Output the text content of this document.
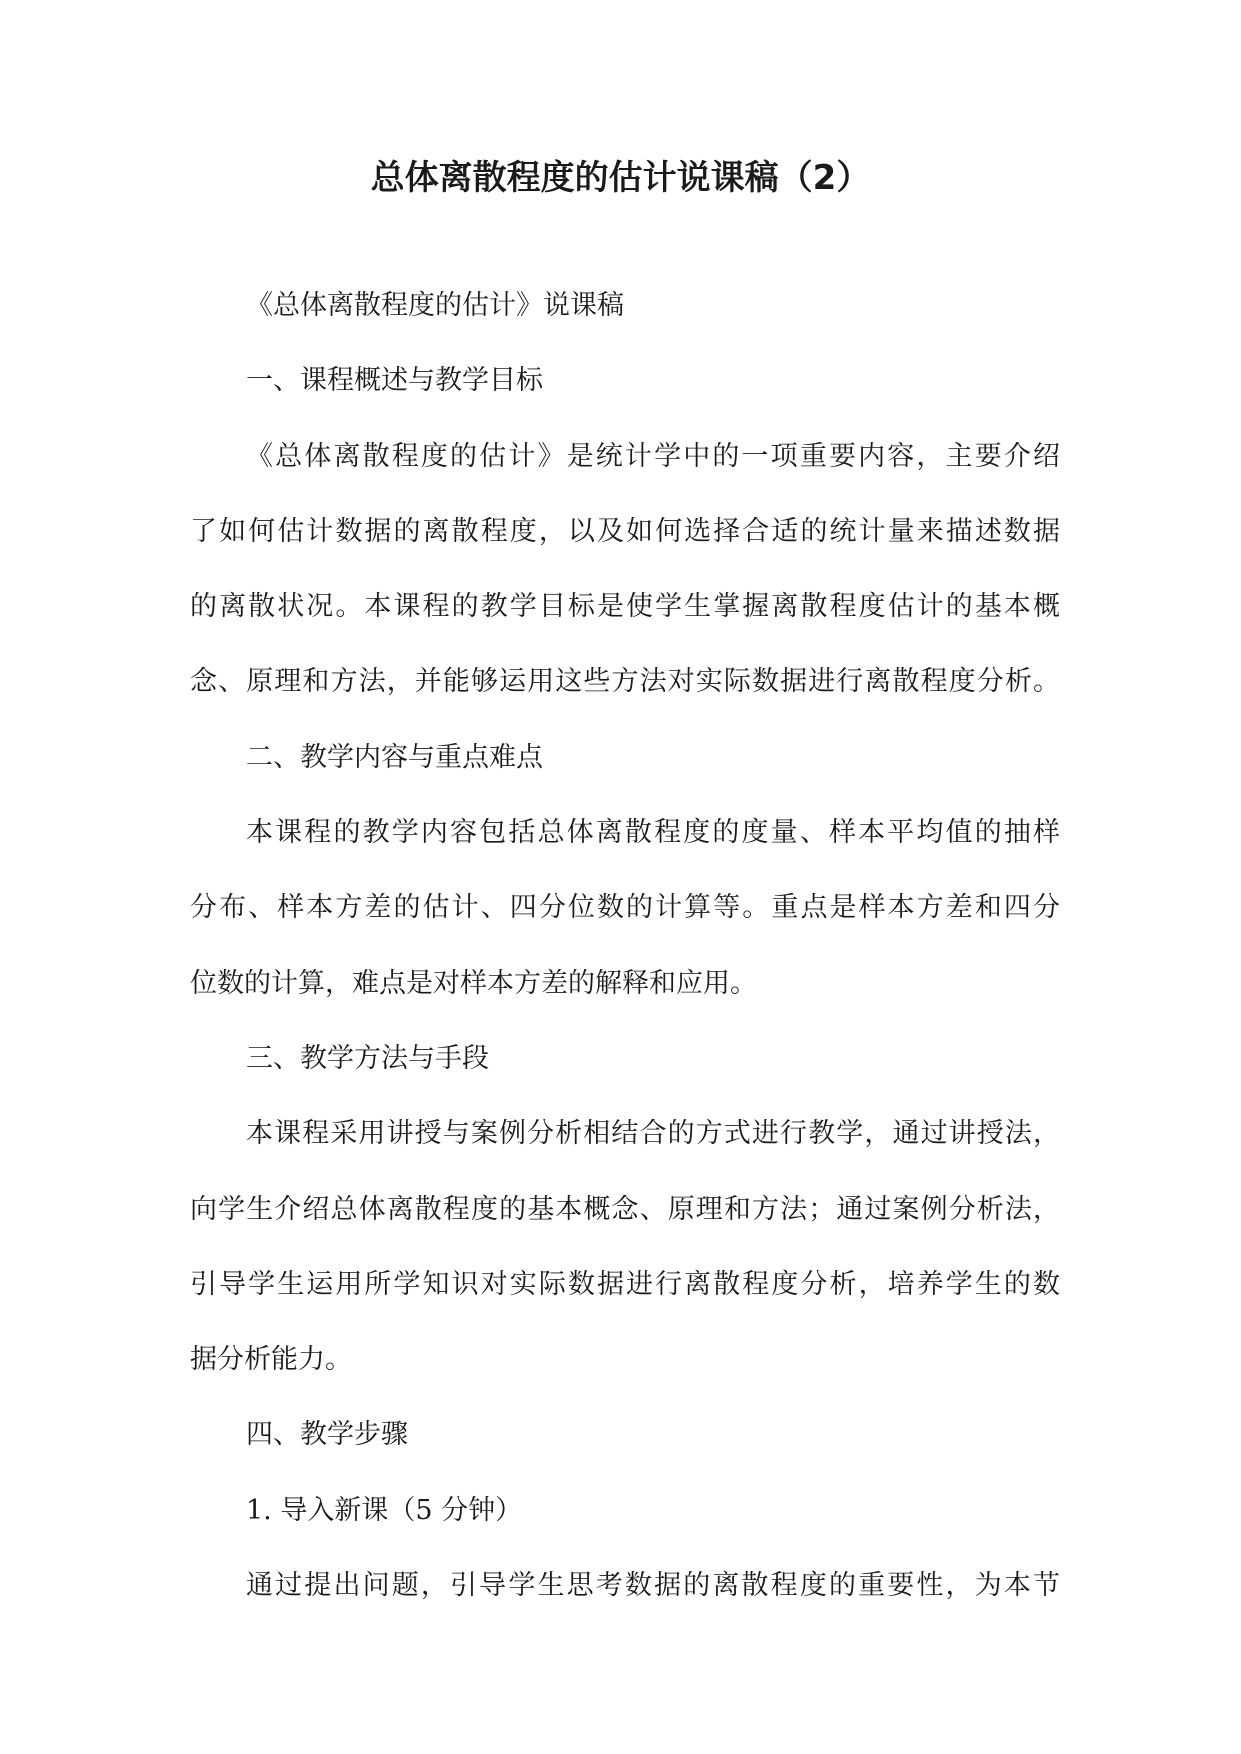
总体离散程度的估计说课稿（2）
《总体离散程度的估计》说课稿
一、课程概述与教学目标
《总体离散程度的估计》是统计学中的一项重要内容，主要介绍
了如何估计数据的离散程度，以及如何选择合适的统计量来描述数据
的离散状况。本课程的教学目标是使学生掌握离散程度估计的基本概
念、原理和方法，并能够运用这些方法对实际数据进行离散程度分析。
二、教学内容与重点难点
本课程的教学内容包括总体离散程度的度量、样本平均值的抽样
分布、样本方差的估计、四分位数的计算等。重点是样本方差和四分
位数的计算，难点是对样本方差的解释和应用。
三、教学方法与手段
本课程采用讲授与案例分析相结合的方式进行教学，通过讲授法，
向学生介绍总体离散程度的基本概念、原理和方法；通过案例分析法，
引导学生运用所学知识对实际数据进行离散程度分析，培养学生的数
据分析能力。
四、教学步骤
1. 导入新课（5 分钟）
通过提出问题，引导学生思考数据的离散程度的重要性，为本节
